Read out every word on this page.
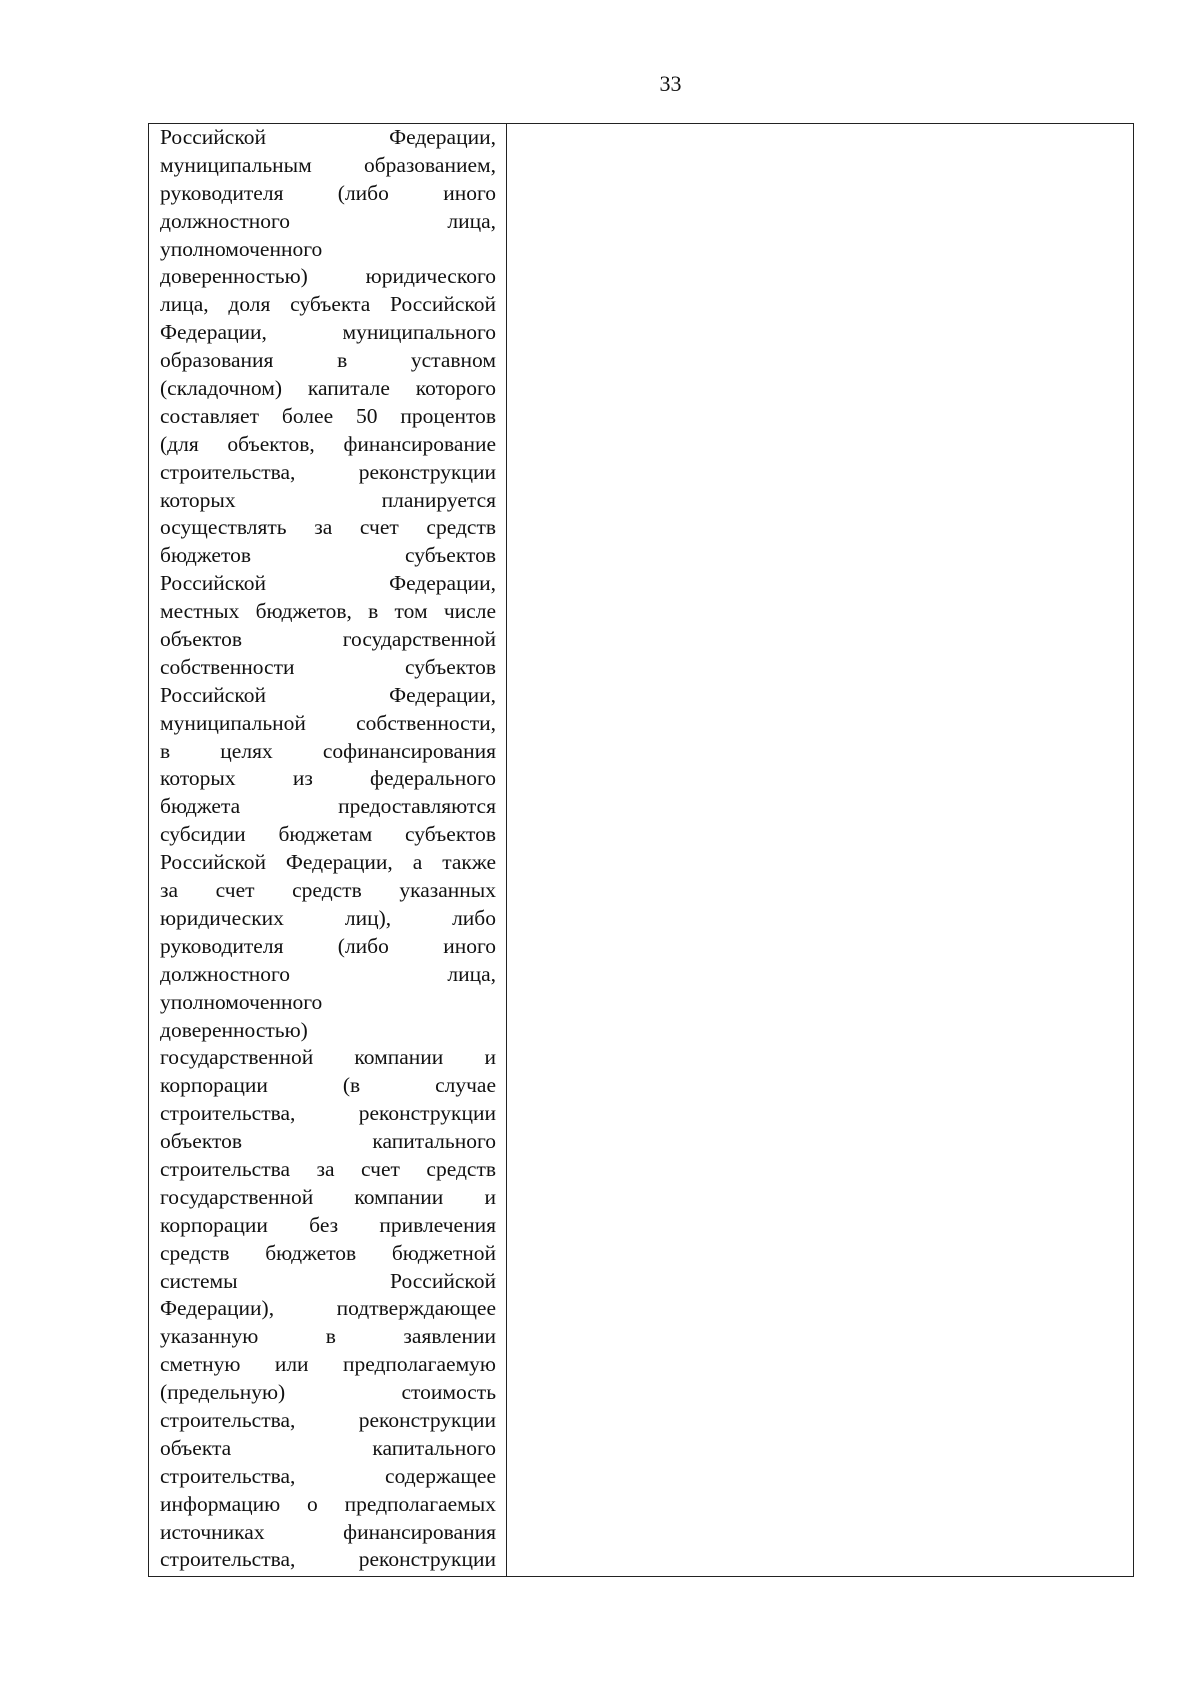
33
Российской Федерации,
муниципальным образованием,
руководителя (либо иного
должностного лица,
уполномоченного
доверенностью) юридического
лица, доля субъекта Российской
Федерации, муниципального
образования в уставном
(складочном) капитале которого
составляет более 50 процентов
(для объектов, финансирование
строительства, реконструкции
которых планируется
осуществлять за счет средств
бюджетов субъектов
Российской Федерации,
местных бюджетов, в том числе
объектов государственной
собственности субъектов
Российской Федерации,
муниципальной собственности,
в целях софинансирования
которых из федерального
бюджета предоставляются
субсидии бюджетам субъектов
Российской Федерации, а также
за счет средств указанных
юридических лиц), либо
руководителя (либо иного
должностного лица,
уполномоченного
доверенностью)
государственной компании и
корпорации (в случае
строительства, реконструкции
объектов капитального
строительства за счет средств
государственной компании и
корпорации без привлечения
средств бюджетов бюджетной
системы Российской
Федерации), подтверждающее
указанную в заявлении
сметную или предполагаемую
(предельную) стоимость
строительства, реконструкции
объекта капитального
строительства, содержащее
информацию о предполагаемых
источниках финансирования
строительства, реконструкции
